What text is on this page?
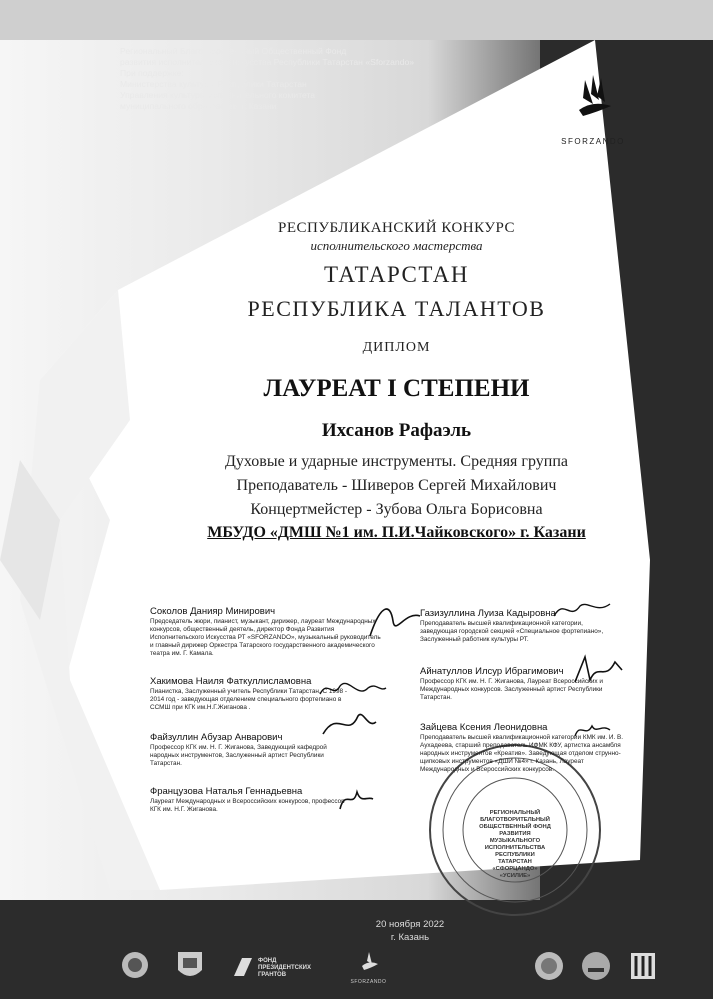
Региональный Благотворительный Общественный Фонд
развития исполнительского искусства Республики Татарстан «Sforzando»
При поддержке:
Министерства культуры Республики Татарстан
Управления культуры исполнительного комитета
муниципального образования г. Казани
SFORZANDO
РЕСПУБЛИКАНСКИЙ КОНКУРС
исполнительского мастерства
ТАТАРСТАН
РЕСПУБЛИКА ТАЛАНТОВ
ДИПЛОМ
ЛАУРЕАТ I СТЕПЕНИ
Ихсанов Рафаэль
Духовые и ударные инструменты. Средняя группа
Преподаватель - Шиверов Сергей Михайлович
Концертмейстер - Зубова Ольга Борисовна
МБУДО «ДМШ №1 им. П.И.Чайковского» г. Казани
Соколов Данияр Минирович
Председатель жюри, пианист, музыкант, дирижер, лауреат Международных конкурсов, общественный деятель, директор Фонда Развития Исполнительского Искусства РТ «SFORZANDO», музыкальный руководитель и главный дирижер Оркестра Татарского государственного академического театра им. Г. Камала.
Хакимова Наиля Фаткуллисламовна
Пианистка, Заслуженный учитель Республики Татарстан. С 1998 - 2014 год - заведующая отделением специального фортепиано в ССМШ при КГК им.Н.Г.Жиганова .
Файзуллин Абузар Анварович
Профессор КГК им. Н. Г. Жиганова, Заведующий кафедрой народных инструментов, Заслуженный артист Республики Татарстан.
Французова Наталья Геннадьевна
Лауреат Международных и Всероссийских конкурсов, профессор КГК им. Н.Г. Жиганова.
Газизуллина Луиза Кадыровна
Преподаватель высшей квалификационной категории, заведующая городской секцией «Специальное фортепиано», Заслуженный работник культуры РТ.
Айнатуллов Илсур Ибрагимович
Профессор КГК им. Н. Г. Жиганова, Лауреат Всероссийских и Международных конкурсов. Заслуженный артист Республики Татарстан.
Зайцева Ксения Леонидовна
Преподаватель высшей квалификационной категории КМК им. И. В. Аухадеева, старший преподаватель ИФМК КФУ, артистка ансамбля народных инструментов «Креатив». Заведующая отделом струнно-щипковых инструментов «ДШИ №4» г. Казань, Лауреат Международных и Всероссийских конкурсов.
РЕГИОНАЛЬНЫЙ
БЛАГОТВОРИТЕЛЬНЫЙ
ОБЩЕСТВЕННЫЙ ФОНД
РАЗВИТИЯ МУЗЫКАЛЬНОГО
ИСПОЛНИТЕЛЬСТВА
РЕСПУБЛИКИ ТАТАРСТАН
«СФОРЦАНДО»
«УСИЛИЕ»
20 ноября 2022
г. Казань
ФОНД
ПРЕЗИДЕНТСКИХ
ГРАНТОВ
SFORZANDO
